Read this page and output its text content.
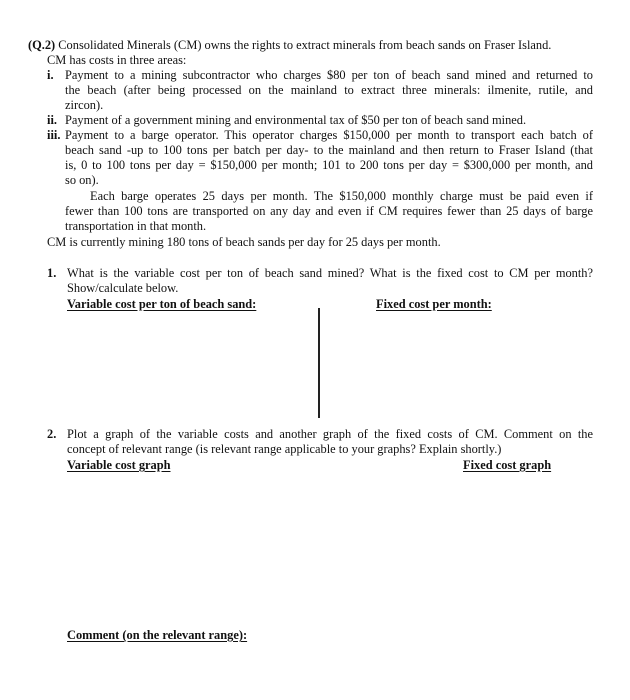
(Q.2) Consolidated Minerals (CM) owns the rights to extract minerals from beach sands on Fraser Island.
CM has costs in three areas:
i. Payment to a mining subcontractor who charges $80 per ton of beach sand mined and returned to
the beach (after being processed on the mainland to extract three minerals: ilmenite, rutile, and
zircon).
ii. Payment of a government mining and environmental tax of $50 per ton of beach sand mined.
iii. Payment to a barge operator. This operator charges $150,000 per month to transport each batch of
beach sand -up to 100 tons per batch per day- to the mainland and then return to Fraser Island (that
is, 0 to 100 tons per day = $150,000 per month; 101 to 200 tons per day = $300,000 per month, and
so on).
Each barge operates 25 days per month. The $150,000 monthly charge must be paid even if
fewer than 100 tons are transported on any day and even if CM requires fewer than 25 days of barge
transportation in that month.
CM is currently mining 180 tons of beach sands per day for 25 days per month.
1. What is the variable cost per ton of beach sand mined? What is the fixed cost to CM per month?
Show/calculate below.
Variable cost per ton of beach sand:	Fixed cost per month:
2. Plot a graph of the variable costs and another graph of the fixed costs of CM. Comment on the
concept of relevant range (is relevant range applicable to your graphs? Explain shortly.)
Variable cost graph	Fixed cost graph
Comment (on the relevant range):
